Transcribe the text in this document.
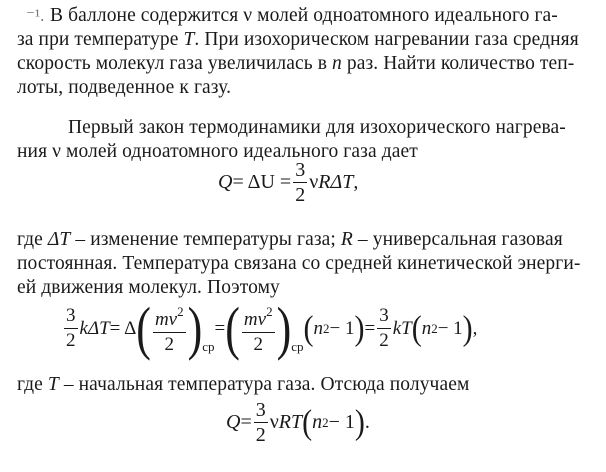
⁻¹. В баллоне содержится ν молей одноатомного идеального га-
за при температуре T. При изохорическом нагревании газа средняя
скорость молекул газа увеличилась в n раз. Найти количество теп-
лоты, подведенное к газу.
Первый закон термодинамики для изохорического нагрева-
ния ν молей одноатомного идеального газа дает
$Q= \Delta U = \frac{3}{2} \nu R\Delta T$,
где ΔT – изменение температуры газа; R – универсальная газовая
постоянная. Температура связана со средней кинетической энерги-
ей движения молекул. Поэтому
$\frac{3}{2} k\Delta T= \Delta( \frac{mv^2}{2} )ср=( \frac{mv^2}{2} )ср(n2- 1)= \frac{3}{2} kT(n2- 1)$,
где T – начальная температура газа. Отсюда получаем
$Q= \frac{3}{2} \nu RT(n2- 1)$.
